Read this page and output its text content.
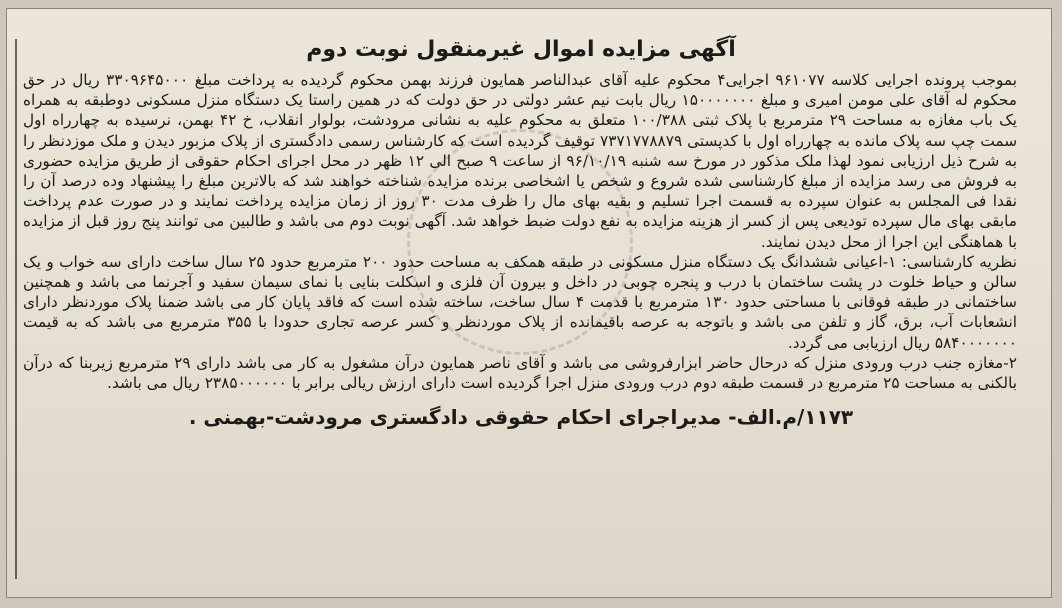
آگهی مزایده اموال غیرمنقول نوبت دوم

بموجب پرونده اجرایی کلاسه ۹۶۱۰۷۷ اجرایی۴ محکوم علیه آقای عبدالناصر همایون فرزند بهمن محکوم گردیده به پرداخت مبلغ ۳۳۰۹۶۴۵۰۰۰ ریال در حق محکوم له آقای علی مومن امیری و مبلغ ۱۵۰۰۰۰۰۰۰ ریال بابت نیم عشر دولتی در حق دولت که در همین راستا یک دستگاه منزل مسکونی دوطبقه به همراه یک باب مغازه به مساحت ۲۹ مترمربع با پلاک ثبتی ۱۰۰/۳۸۸ متعلق به محکوم علیه به نشانی مرودشت، بولوار انقلاب، خ ۴۲ بهمن، نرسیده به چهارراه اول سمت چپ سه پلاک مانده به چهارراه اول با کدپستی ۷۳۷۱۷۷۸۸۷۹ توقیف گردیده است که کارشناس رسمی دادگستری از پلاک مزبور دیدن و ملک موزدنظر را به شرح ذیل ارزیابی نمود لهذا ملک مذکور در مورخ سه شنبه ۹۶/۱۰/۱۹ از ساعت ۹ صبح الی ۱۲ ظهر در محل اجرای احکام حقوقی از طریق مزایده حضوری به فروش می رسد مزایده از مبلغ کارشناسی شده شروع و شخص یا اشخاصی برنده مزایده شناخته خواهند شد که بالاترین مبلغ را پیشنهاد وده درصد آن را نقدا فی المجلس به عنوان سپرده به قسمت اجرا تسلیم و بقیه بهای مال را ظرف مدت ۳۰ روز از زمان مزایده پرداخت نمایند و در صورت عدم پرداخت مابقی بهای مال سپرده تودیعی پس از کسر از هزینه مزایده به نفع دولت ضبط خواهد شد. آگهی نوبت دوم می باشد و طالبین می توانند پنج روز قبل از مزایده با هماهنگی این اجرا از محل دیدن نمایند.

نظریه کارشناسی: ۱-اعیانی ششدانگ یک دستگاه منزل مسکونی در طبقه همکف به مساحت حدود ۲۰۰ مترمربع حدود ۲۵ سال ساخت دارای سه خواب و یک سالن و حیاط خلوت در پشت ساختمان با درب و پنجره چوبی در داخل و بیرون آن فلزی و اسکلت بنایی با نمای سیمان سفید و آجرنما می باشد و همچنین ساختمانی در طبقه فوقانی با مساحتی حدود ۱۳۰ مترمربع با قدمت ۴ سال ساخت، ساخته شده است که فاقد پایان کار می باشد ضمنا پلاک موردنظر دارای انشعابات آب، برق، گاز و تلفن می باشد و باتوجه به عرصه باقیمانده از پلاک موردنظر و کسر عرصه تجاری حدودا با ۳۵۵ مترمربع می باشد که به قیمت ۵۸۴۰۰۰۰۰۰۰ ریال ارزیابی می گردد.

۲-مغازه جنب درب ورودی منزل که درحال حاضر ابزارفروشی می باشد و آقای ناصر همایون درآن مشغول به کار می باشد دارای ۲۹ مترمربع زیربنا که درآن بالکنی به مساحت ۲۵ مترمربع در قسمت طبقه دوم درب ورودی منزل اجرا گردیده است دارای ارزش ریالی برابر با ۲۳۸۵۰۰۰۰۰۰ ریال می باشد.

۱۱۷۳/م.الف- مدیراجرای احکام حقوقی دادگستری مرودشت-بهمنی .
